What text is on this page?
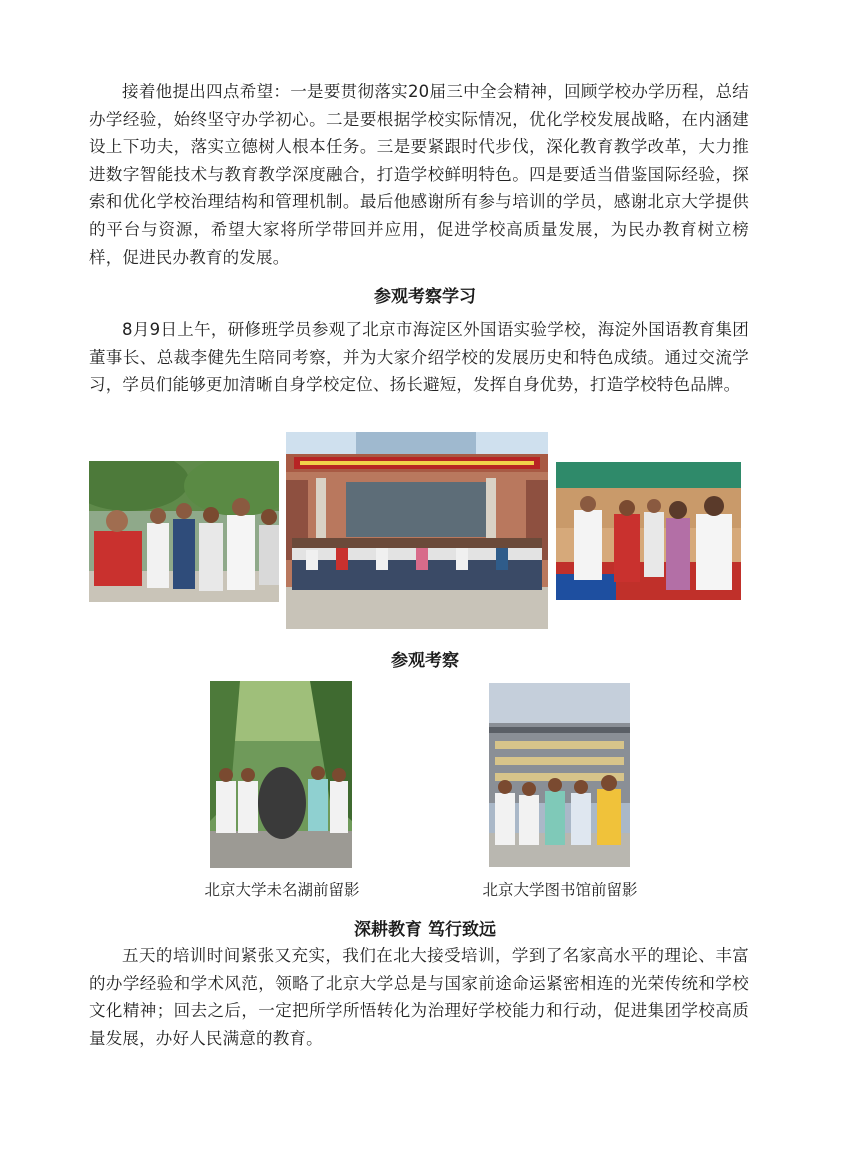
接着他提出四点希望：一是要贯彻落实20届三中全会精神，回顾学校办学历程，总结办学经验，始终坚守办学初心。二是要根据学校实际情况，优化学校发展战略，在内涵建设上下功夫，落实立德树人根本任务。三是要紧跟时代步伐，深化教育教学改革，大力推进数字智能技术与教育教学深度融合，打造学校鲜明特色。四是要适当借鉴国际经验，探索和优化学校治理结构和管理机制。最后他感谢所有参与培训的学员，感谢北京大学提供的平台与资源，希望大家将所学带回并应用，促进学校高质量发展，为民办教育树立榜样，促进民办教育的发展。

参观考察学习

8月9日上午，研修班学员参观了北京市海淀区外国语实验学校，海淀外国语教育集团董事长、总裁李健先生陪同考察，并为大家介绍学校的发展历史和特色成绩。通过交流学习，学员们能够更加清晰自身学校定位、扬长避短，发挥自身优势，打造学校特色品牌。

参观考察

北京大学未名湖前留影	北京大学图书馆前留影

深耕教育 笃行致远

五天的培训时间紧张又充实，我们在北大接受培训，学到了名家高水平的理论、丰富的办学经验和学术风范，领略了北京大学总是与国家前途命运紧密相连的光荣传统和学校文化精神；回去之后，一定把所学所悟转化为治理好学校能力和行动，促进集团学校高质量发展，办好人民满意的教育。
